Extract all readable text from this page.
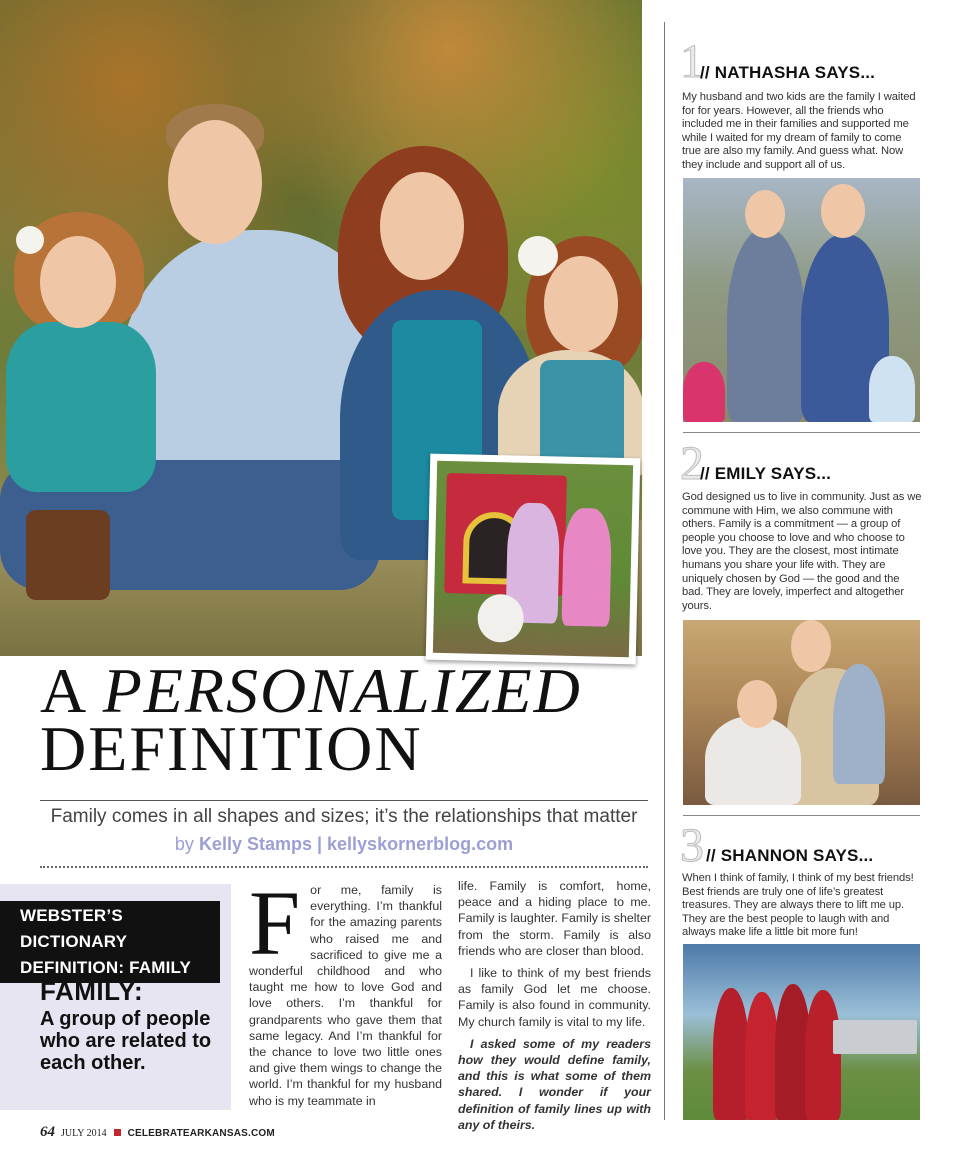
A PERSONALIZED
DEFINITION
Family comes in all shapes and sizes; it’s the relationships that matter
by Kelly Stamps | kellyskornerblog.com
WEBSTER’S DICTIONARY
DEFINITION: FAMILY
FAMILY:
A group of people who are related to each other.
F or me, family is everything. I’m thankful for the amazing parents who raised me and sacrificed to give me a wonderful childhood and who taught me how to love God and love others. I’m thankful for grandparents who gave them that same legacy. And I’m thankful for the chance to love two little ones and give them wings to change the world. I’m thankful for my husband who is my teammate in

life. Family is comfort, home, peace and a hiding place to me. Family is laughter. Family is shelter from the storm. Family is also friends who are closer than blood.

I like to think of my best friends as family God let me choose. Family is also found in community. My church family is vital to my life.

I asked some of my readers how they would define family, and this is what some of them shared. I wonder if your definition of family lines up with any of theirs.

64 JULY 2014 CELEBRATEARKANSAS.COM
1
// NATHASHA SAYS...
My husband and two kids are the family I waited for for years. However, all the friends who included me in their families and supported me while I waited for my dream of family to come true are also my family. And guess what. Now they include and support all of us.
2
// EMILY SAYS...
God designed us to live in community. Just as we commune with Him, we also commune with others. Family is a commitment — a group of people you choose to love and who choose to love you. They are the closest, most intimate humans you share your life with. They are uniquely chosen by God — the good and the bad. They are lovely, imperfect and altogether yours.
3 // SHANNON SAYS...
When I think of family, I think of my best friends! Best friends are truly one of life’s greatest treasures. They are always there to lift me up. They are the best people to laugh with and always make life a little bit more fun!
